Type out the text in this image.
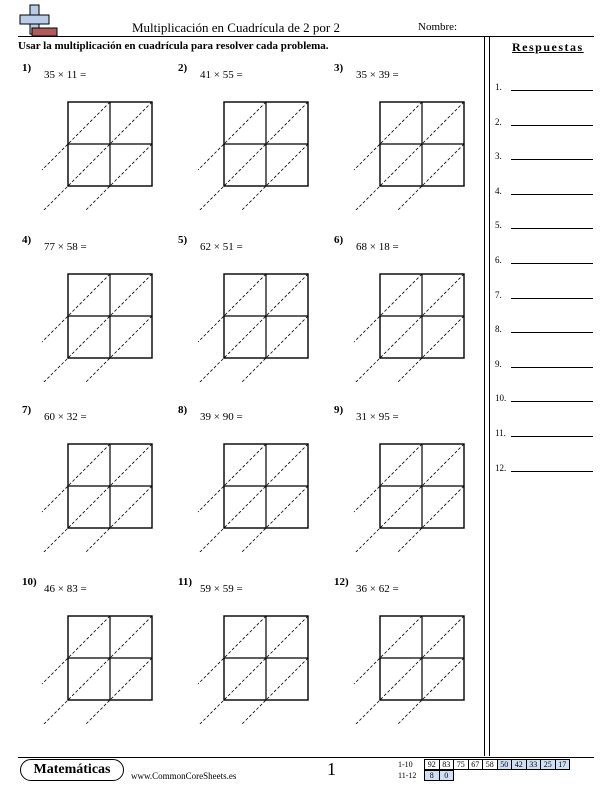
Multiplicación en Cuadrícula de 2 por 2	Nombre:
Usar la multiplicación en cuadrícula para resolver cada problema.	Respuestas
1.
2.
3.
4.
5.
6.
7.
8.
9.
10.
11.
12.
1)
35 × 11 =
2)
41 × 55 =
3)
35 × 39 =
4)
77 × 58 =
5)
62 × 51 =
6)
68 × 18 =
7)
60 × 32 =
8)
39 × 90 =
9)
31 × 95 =
10)
46 × 83 =
11)
59 × 59 =
12)
36 × 62 =
Matemáticas	www.CommonCoreSheets.es	1	1-10	92 83 75 67 58 50 42 33 25 17
11-12	8	0
